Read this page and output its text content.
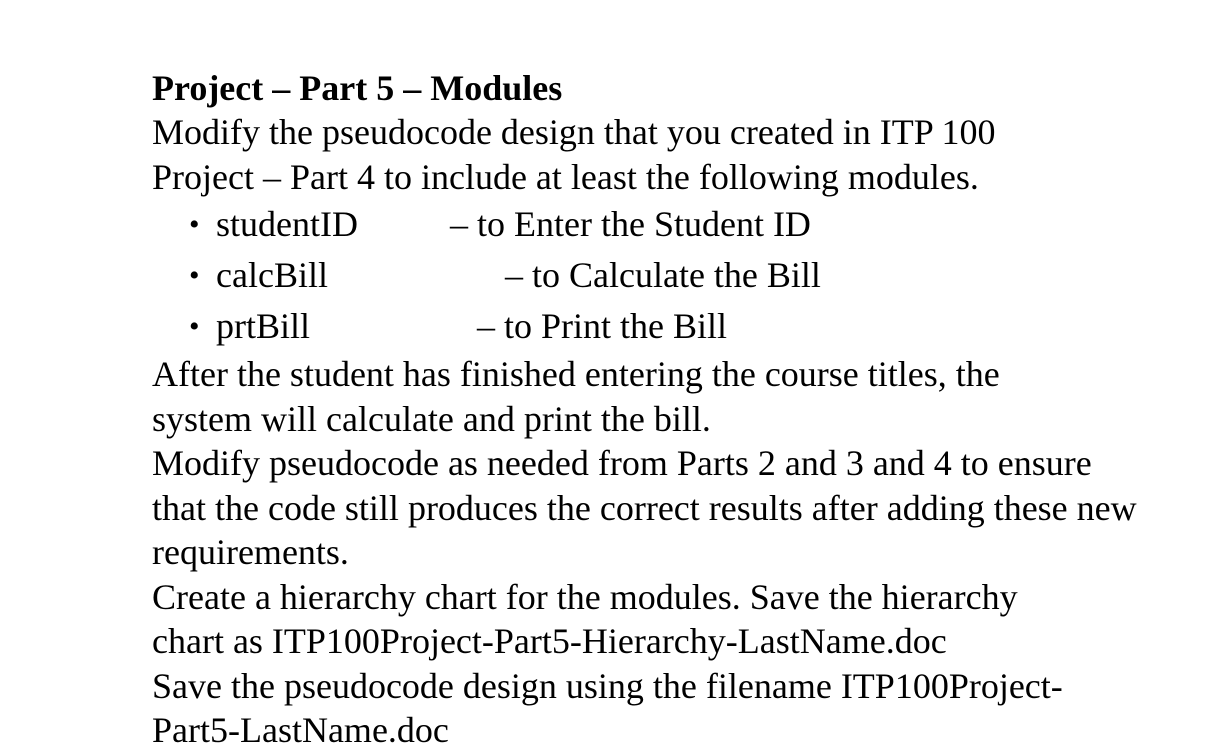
Project – Part 5 – Modules

Modify the pseudocode design that you created in ITP 100 Project – Part 4 to include at least the following modules.

• studentID	– to Enter the Student ID
• calcBill	– to Calculate the Bill
• prtBill	– to Print the Bill

After the student has finished entering the course titles, the system will calculate and print the bill.

Modify pseudocode as needed from Parts 2 and 3 and 4 to ensure that the code still produces the correct results after adding these new requirements.

Create a hierarchy chart for the modules. Save the hierarchy chart as ITP100Project-Part5-Hierarchy-LastName.doc

Save the pseudocode design using the filename ITP100Project-Part5-LastName.doc
